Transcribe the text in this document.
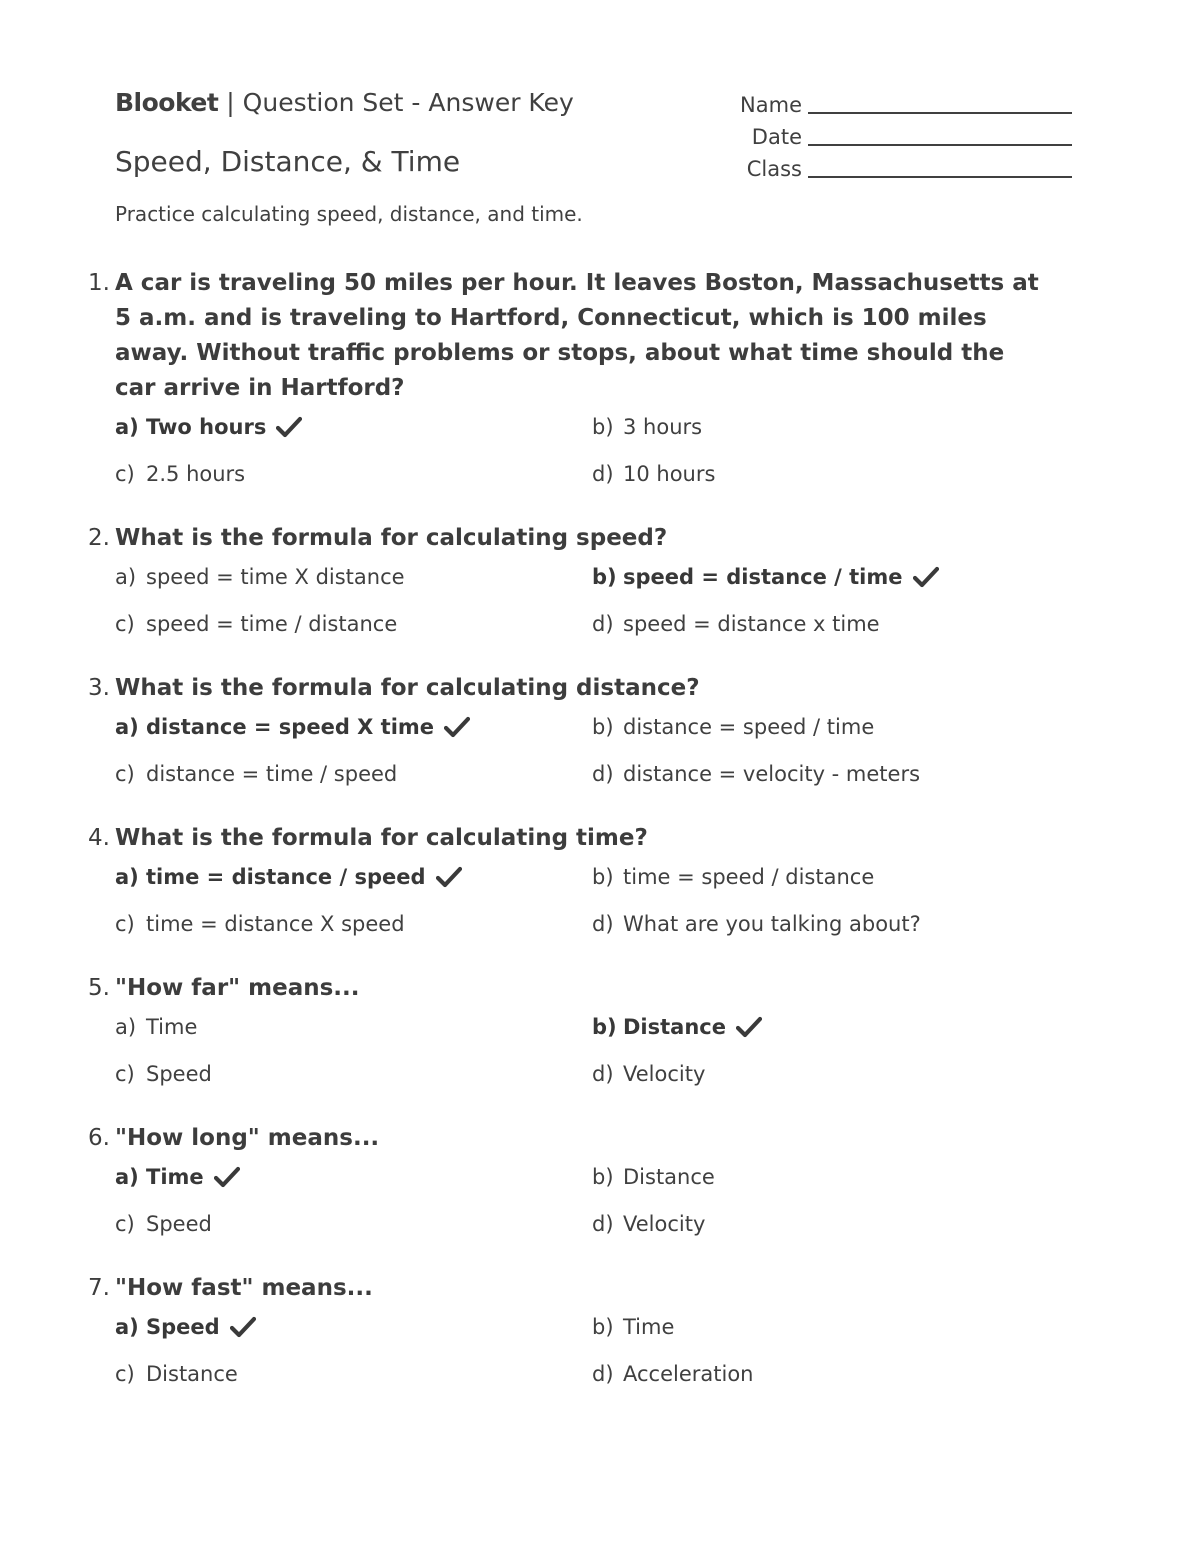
Blooket | Question Set - Answer Key
Speed, Distance, & Time
Practice calculating speed, distance, and time.
Name
Date
Class
1. A car is traveling 50 miles per hour. It leaves Boston, Massachusetts at 5 a.m. and is traveling to Hartford, Connecticut, which is 100 miles away. Without traffic problems or stops, about what time should the car arrive in Hartford?
a) Two hours	b) 3 hours
c) 2.5 hours	d) 10 hours
2. What is the formula for calculating speed?
a) speed = time X distance	b) speed = distance / time
c) speed = time / distance	d) speed = distance x time
3. What is the formula for calculating distance?
a) distance = speed X time	b) distance = speed / time
c) distance = time / speed	d) distance = velocity - meters
4. What is the formula for calculating time?
a) time = distance / speed	b) time = speed / distance
c) time = distance X speed	d) What are you talking about?
5. "How far" means...
a) Time	b) Distance
c) Speed	d) Velocity
6. "How long" means...
a) Time	b) Distance
c) Speed	d) Velocity
7. "How fast" means...
a) Speed	b) Time
c) Distance	d) Acceleration
